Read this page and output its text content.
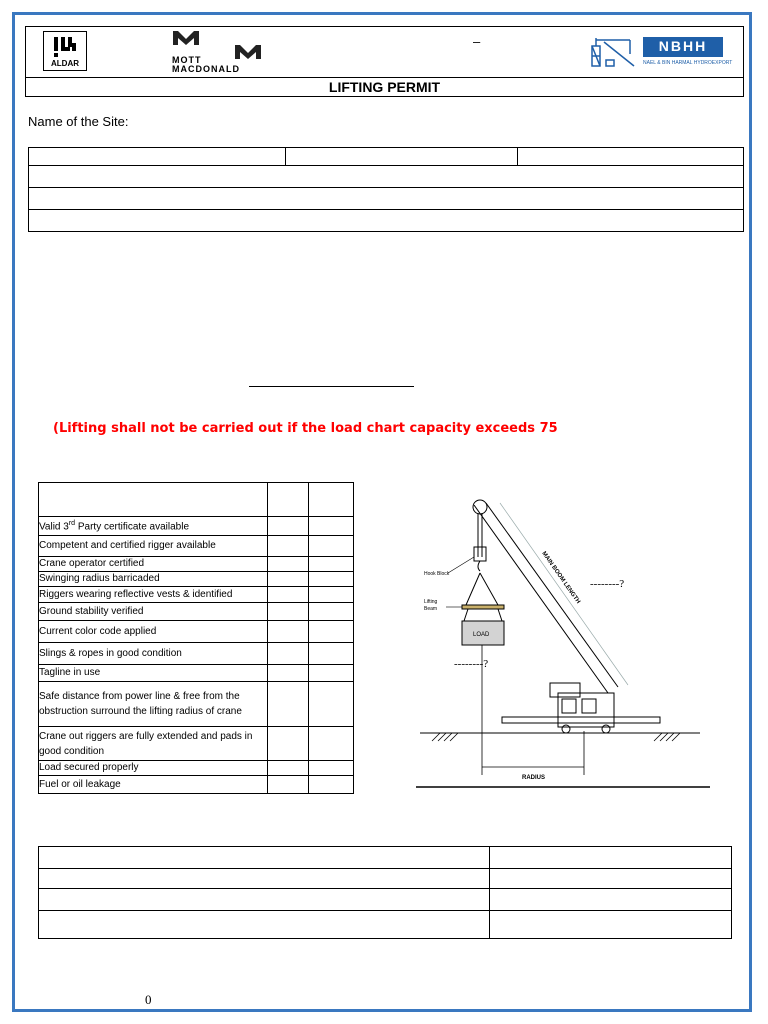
ALDAR	MOTT
MACDONALD
–	NBHH
NAEL & BIN HARMAL HYDROEXPORT
LIFTING PERMIT
Name of the Site:

(Lifting shall not be carried out if the load chart capacity exceeds 75

Valid 3rd Party certificate available		
Competent and certified rigger available		
Crane operator certified		
Swinging radius barricaded		
Riggers wearing reflective vests & identified		
Ground stability verified		
Current color code applied		
Slings & ropes in good condition		
Tagline in use		
Safe distance from power line & free from the obstruction surround the lifting radius of crane		
Crane out riggers are fully extended and pads in good condition		
Load secured properly		
Fuel or oil leakage		
Hook Block
Lifting
Beam
LOAD
MAIN BOOM LENGTH
RADIUS
--------?
--------?

0
